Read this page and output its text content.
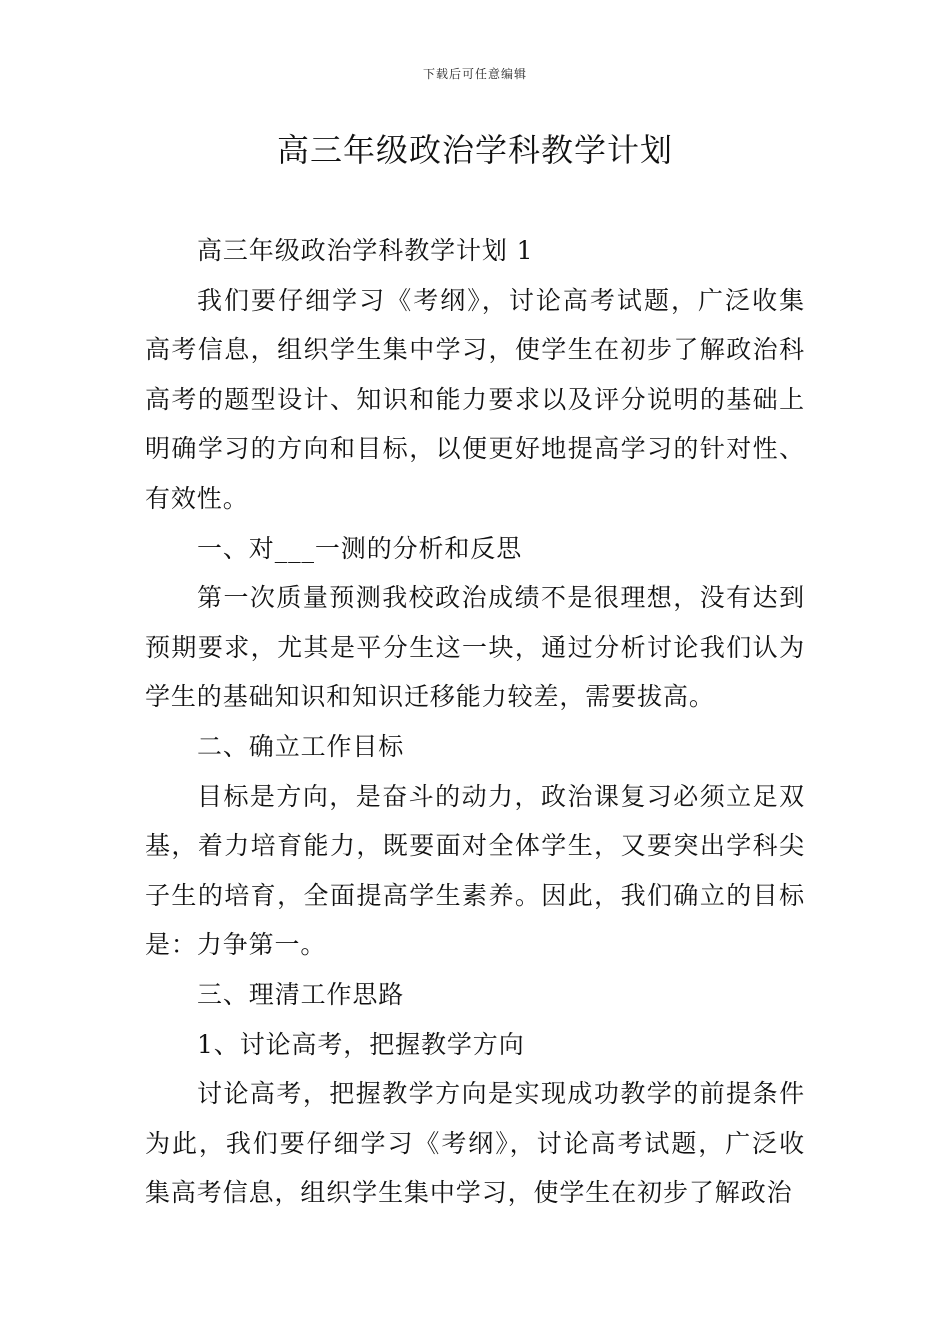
下载后可任意编辑
高三年级政治学科教学计划

高三年级政治学科教学计划 1

我们要仔细学习《考纲》，讨论高考试题，广泛收集高考信息，组织学生集中学习，使学生在初步了解政治科高考的题型设计、知识和能力要求以及评分说明的基础上明确学习的方向和目标，以便更好地提高学习的针对性、有效性。

一、对___一测的分析和反思

第一次质量预测我校政治成绩不是很理想，没有达到预期要求，尤其是平分生这一块，通过分析讨论我们认为学生的基础知识和知识迁移能力较差，需要拔高。

二、确立工作目标

目标是方向，是奋斗的动力，政治课复习必须立足双基，着力培育能力，既要面对全体学生，又要突出学科尖子生的培育，全面提高学生素养。因此，我们确立的目标是：力争第一。

三、理清工作思路

1、讨论高考，把握教学方向

讨论高考，把握教学方向是实现成功教学的前提条件为此，我们要仔细学习《考纲》，讨论高考试题，广泛收集高考信息，组织学生集中学习，使学生在初步了解政治
